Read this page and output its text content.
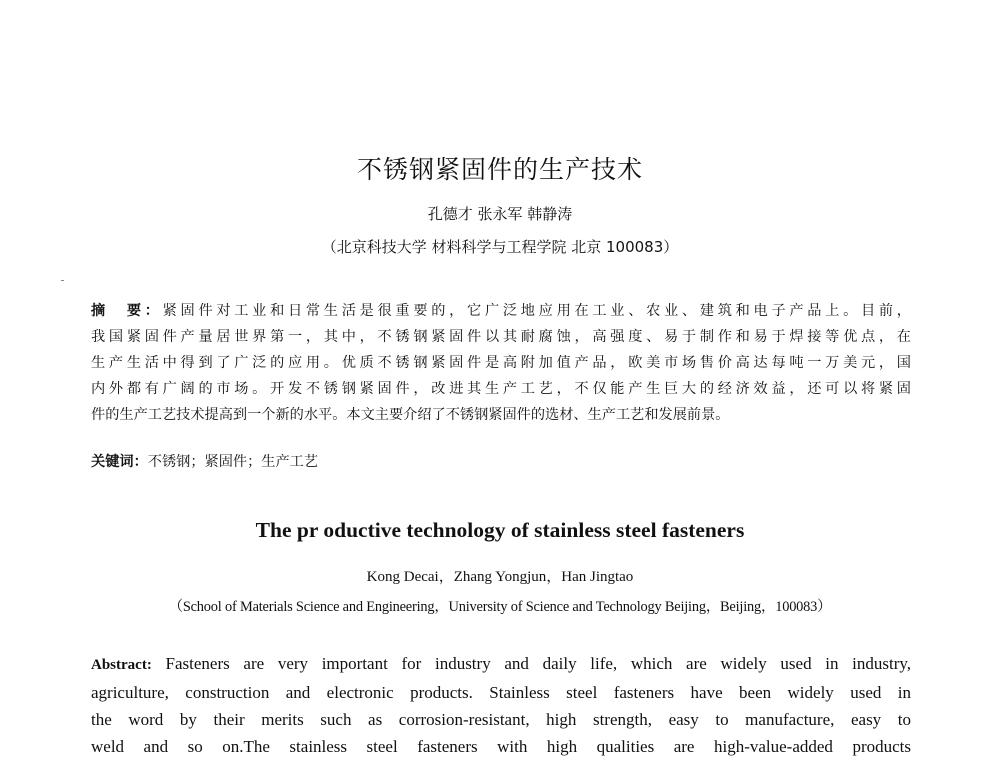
不锈钢紧固件的生产技术

孔德才 张永军 韩静涛

（北京科技大学 材料科学与工程学院 北京 100083）

摘　要：紧固件对工业和日常生活是很重要的，它广泛地应用在工业、农业、建筑和电子产品上。目前，
我国紧固件产量居世界第一，其中，不锈钢紧固件以其耐腐蚀，高强度、易于制作和易于焊接等优点，在
生产生活中得到了广泛的应用。优质不锈钢紧固件是高附加值产品，欧美市场售价高达每吨一万美元，国
内外都有广阔的市场。开发不锈钢紧固件，改进其生产工艺，不仅能产生巨大的经济效益，还可以将紧固
件的生产工艺技术提高到一个新的水平。本文主要介绍了不锈钢紧固件的选材、生产工艺和发展前景。

关键词：不锈钢；紧固件；生产工艺

The pr oductive technology of stainless steel fasteners

Kong Decai，Zhang Yongjun，Han Jingtao

（School of Materials Science and Engineering，University of Science and Technology Beijing，Beijing，100083）

Abstract: Fasteners are very important for industry and daily life, which are widely used in industry,
agriculture, construction and electronic products. Stainless steel fasteners have been widely used in
the word by their merits such as corrosion-resistant, high strength, easy to manufacture, easy to
weld and so on.The stainless steel fasteners with high qualities are high-value-added products
